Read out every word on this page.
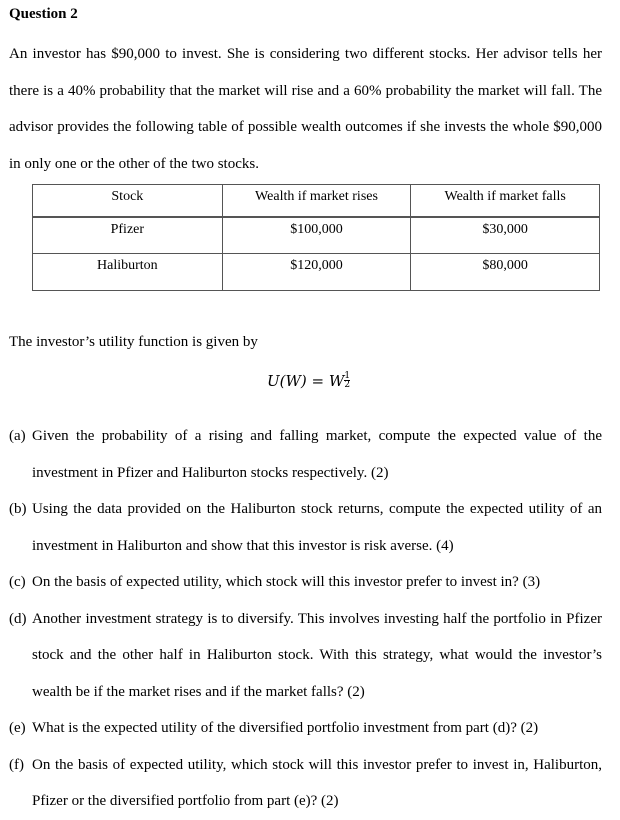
Question 2
An investor has $90,000 to invest. She is considering two different stocks. Her advisor tells her there is a 40% probability that the market will rise and a 60% probability the market will fall. The advisor provides the following table of possible wealth outcomes if she invests the whole $90,000 in only one or the other of the two stocks.
Stock	Wealth if market rises	Wealth if market falls
Pfizer	$100,000	$30,000
Haliburton	$120,000	$80,000
The investor’s utility function is given by
U(W) = W $\frac{1}{2}$
(a) Given the probability of a rising and falling market, compute the expected value of the investment in Pfizer and Haliburton stocks respectively. (2)
(b) Using the data provided on the Haliburton stock returns, compute the expected utility of an investment in Haliburton and show that this investor is risk averse. (4)
(c) On the basis of expected utility, which stock will this investor prefer to invest in? (3)
(d) Another investment strategy is to diversify. This involves investing half the portfolio in Pfizer stock and the other half in Haliburton stock. With this strategy, what would the investor’s wealth be if the market rises and if the market falls? (2)
(e) What is the expected utility of the diversified portfolio investment from part (d)? (2)
(f) On the basis of expected utility, which stock will this investor prefer to invest in, Haliburton, Pfizer or the diversified portfolio from part (e)? (2)
